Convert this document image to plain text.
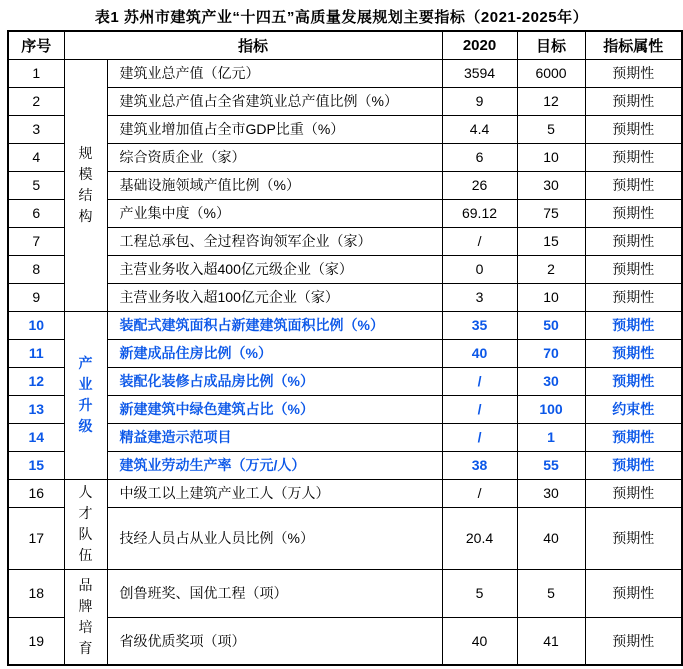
表1 苏州市建筑产业“十四五”高质量发展规划主要指标（2021-2025年）
序号	指标		2020	目标	指标属性
1	规模结构	建筑业总产值（亿元）	3594	6000	预期性
2		建筑业总产值占全省建筑业总产值比例（%）	9	12	预期性
3		建筑业增加值占全市GDP比重（%）	4.4	5	预期性
4		综合资质企业（家）	6	10	预期性
5		基础设施领域产值比例（%）	26	30	预期性
6		产业集中度（%）	69.12	75	预期性
7		工程总承包、全过程咨询领军企业（家）	/	15	预期性
8		主营业务收入超400亿元级企业（家）	0	2	预期性
9		主营业务收入超100亿元企业（家）	3	10	预期性
10	产业升级	装配式建筑面积占新建建筑面积比例（%）	35	50	预期性
11		新建成品住房比例（%）	40	70	预期性
12		装配化装修占成品房比例（%）	/	30	预期性
13		新建建筑中绿色建筑占比（%）	/	100	约束性
14		精益建造示范项目	/	1	预期性
15		建筑业劳动生产率（万元/人）	38	55	预期性
16	人才队伍	中级工以上建筑产业工人（万人）	/	30	预期性
17		技经人员占从业人员比例（%）	20.4	40	预期性
18	品牌培育	创鲁班奖、国优工程（项）	5	5	预期性
19		省级优质奖项（项）	40	41	预期性
